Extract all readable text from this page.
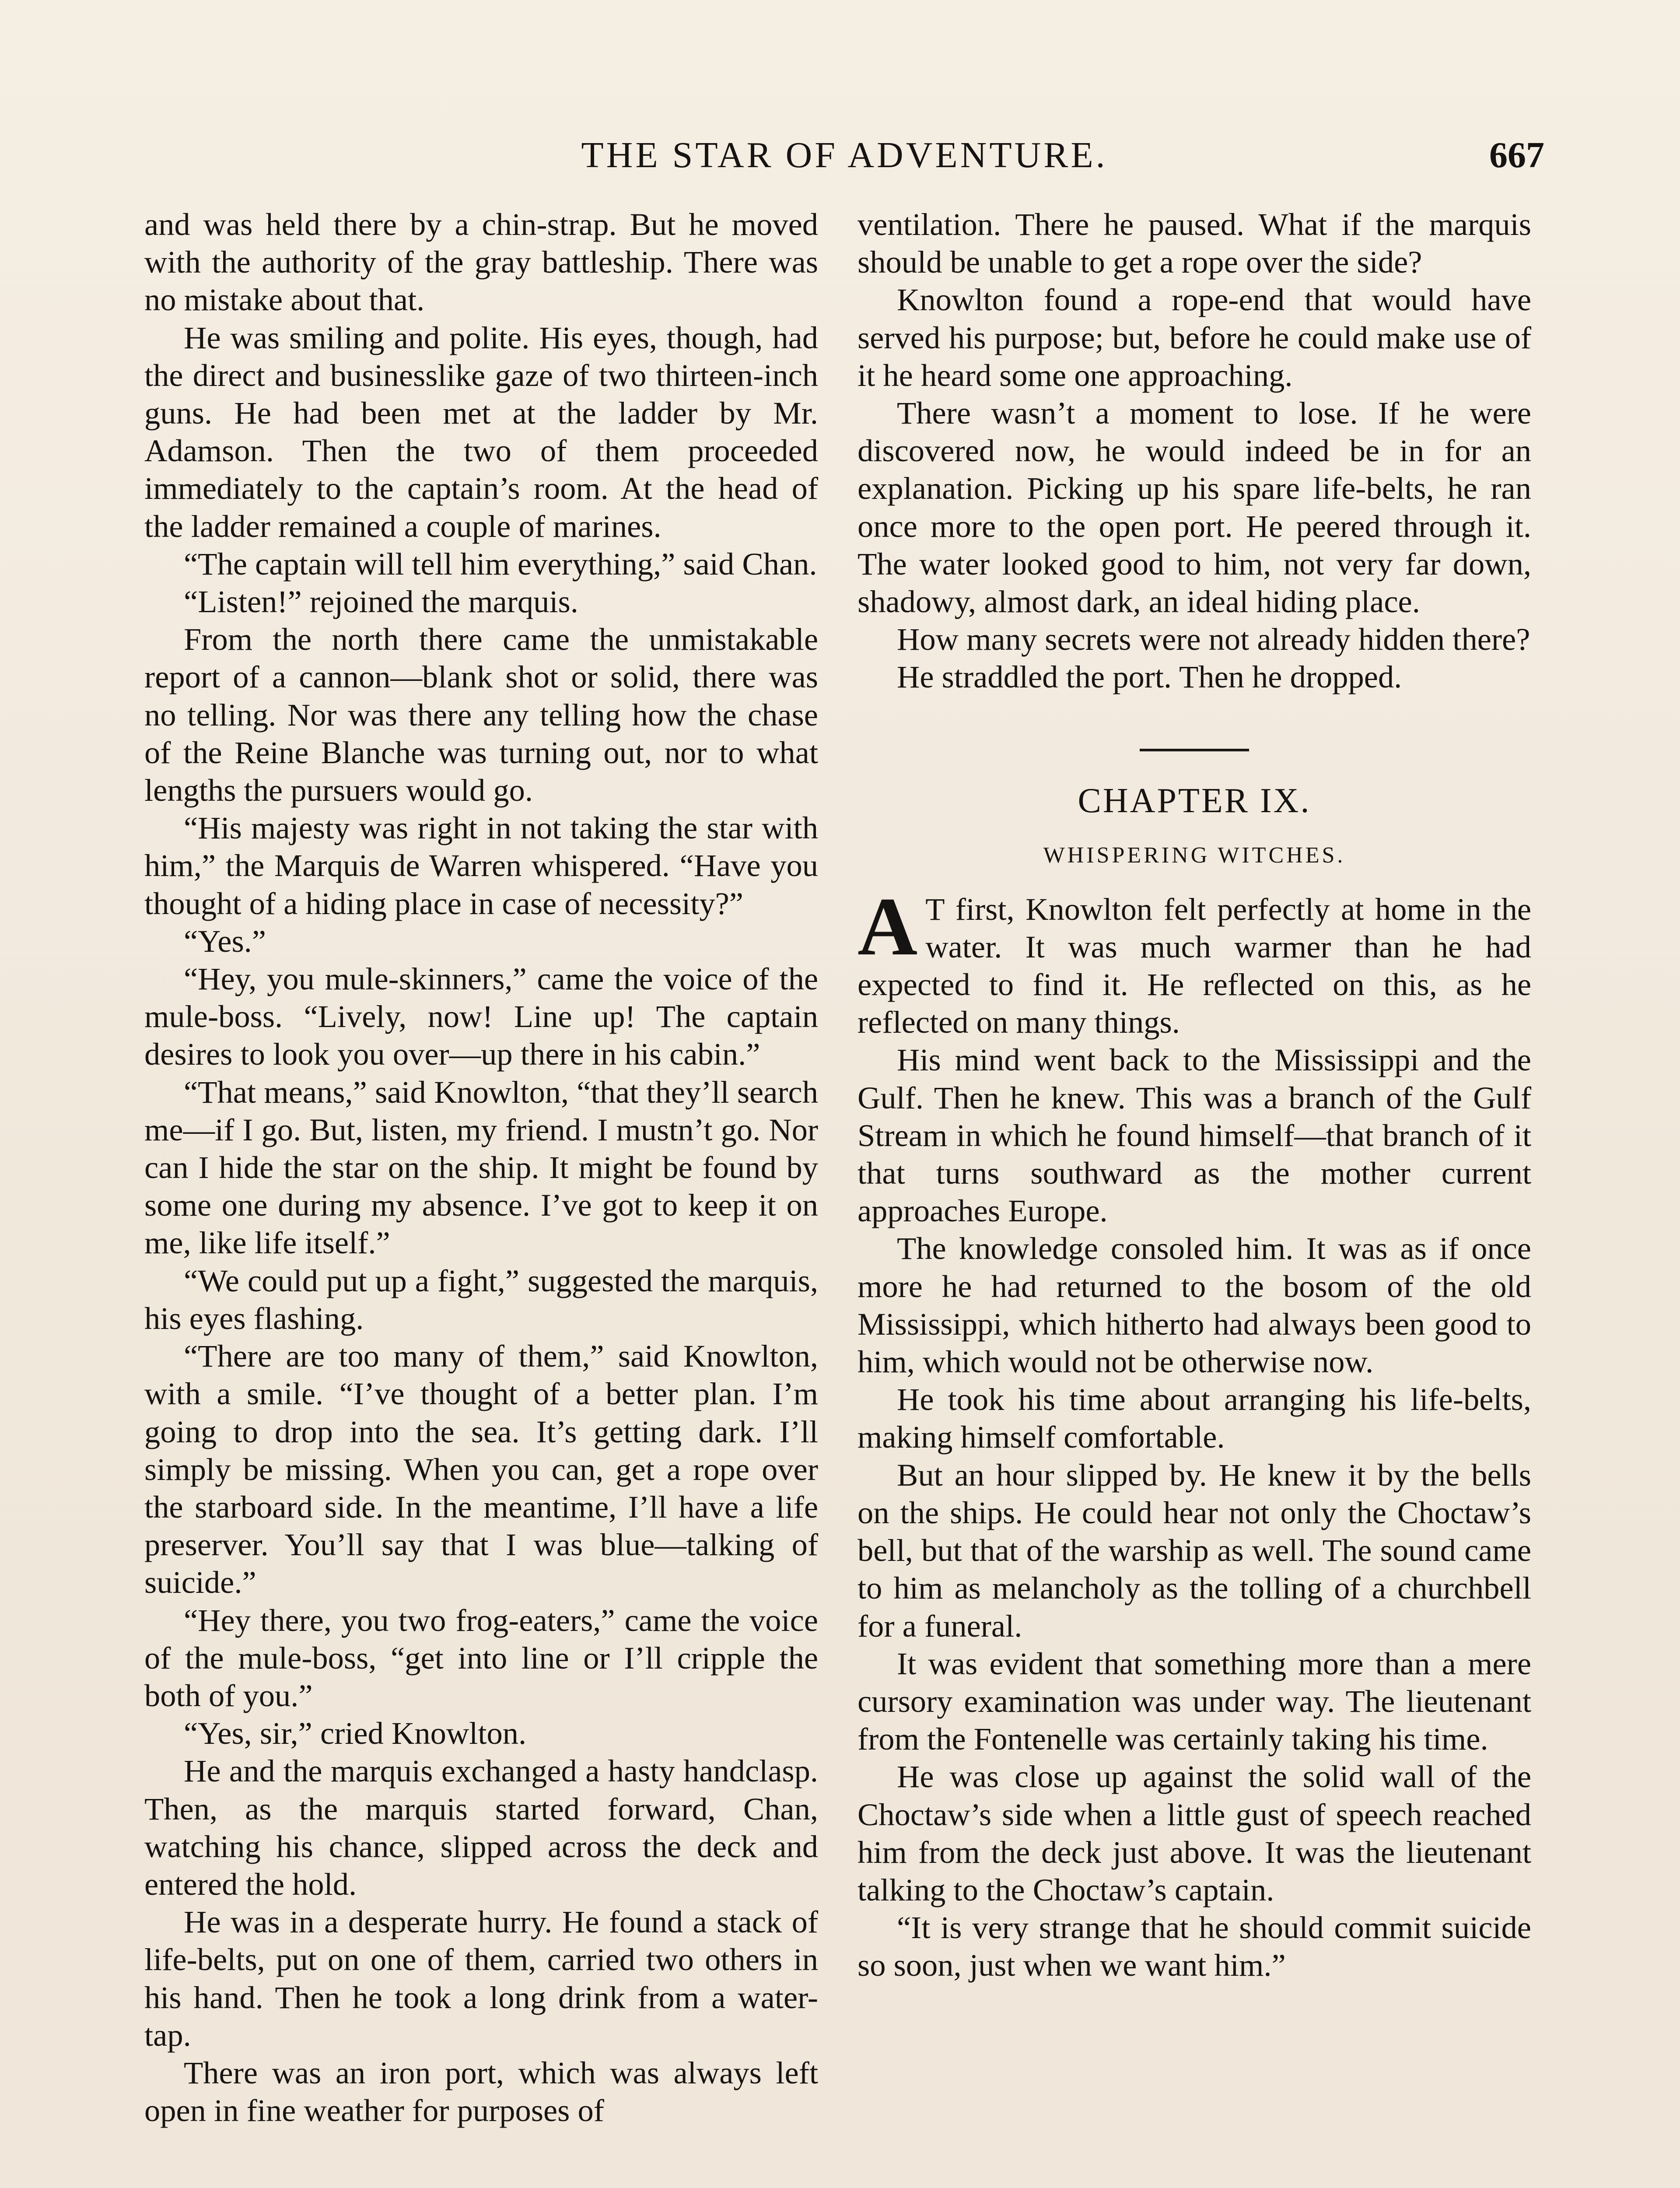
THE STAR OF ADVENTURE.	667

and was held there by a chin-strap. But he moved with the authority of the gray battleship. There was no mistake about that.

He was smiling and polite. His eyes, though, had the direct and businesslike gaze of two thirteen-inch guns. He had been met at the ladder by Mr. Adamson. Then the two of them proceeded immediately to the captain’s room. At the head of the ladder remained a couple of marines.

“The captain will tell him everything,” said Chan.

“Listen!” rejoined the marquis.

From the north there came the unmistakable report of a cannon—blank shot or solid, there was no telling. Nor was there any telling how the chase of the Reine Blanche was turning out, nor to what lengths the pursuers would go.

“His majesty was right in not taking the star with him,” the Marquis de Warren whispered. “Have you thought of a hiding place in case of necessity?”

“Yes.”

“Hey, you mule-skinners,” came the voice of the mule-boss. “Lively, now! Line up! The captain desires to look you over—up there in his cabin.”

“That means,” said Knowlton, “that they’ll search me—if I go. But, listen, my friend. I mustn’t go. Nor can I hide the star on the ship. It might be found by some one during my absence. I’ve got to keep it on me, like life itself.”

“We could put up a fight,” suggested the marquis, his eyes flashing.

“There are too many of them,” said Knowlton, with a smile. “I’ve thought of a better plan. I’m going to drop into the sea. It’s getting dark. I’ll simply be missing. When you can, get a rope over the starboard side. In the meantime, I’ll have a life preserver. You’ll say that I was blue—talking of suicide.”

“Hey there, you two frog-eaters,” came the voice of the mule-boss, “get into line or I’ll cripple the both of you.”

“Yes, sir,” cried Knowlton.

He and the marquis exchanged a hasty handclasp. Then, as the marquis started forward, Chan, watching his chance, slipped across the deck and entered the hold.

He was in a desperate hurry. He found a stack of life-belts, put on one of them, carried two others in his hand. Then he took a long drink from a water-tap.

There was an iron port, which was always left open in fine weather for purposes of

ventilation. There he paused. What if the marquis should be unable to get a rope over the side?

Knowlton found a rope-end that would have served his purpose; but, before he could make use of it he heard some one approaching.

There wasn’t a moment to lose. If he were discovered now, he would indeed be in for an explanation. Picking up his spare life-belts, he ran once more to the open port. He peered through it. The water looked good to him, not very far down, shadowy, almost dark, an ideal hiding place.

How many secrets were not already hidden there?

He straddled the port. Then he dropped.

CHAPTER IX.
WHISPERING WITCHES.

A T first, Knowlton felt perfectly at home in the water. It was much warmer than he had expected to find it. He reflected on this, as he reflected on many things.

His mind went back to the Mississippi and the Gulf. Then he knew. This was a branch of the Gulf Stream in which he found himself—that branch of it that turns southward as the mother current approaches Europe.

The knowledge consoled him. It was as if once more he had returned to the bosom of the old Mississippi, which hitherto had always been good to him, which would not be otherwise now.

He took his time about arranging his life-belts, making himself comfortable.

But an hour slipped by. He knew it by the bells on the ships. He could hear not only the Choctaw’s bell, but that of the warship as well. The sound came to him as melancholy as the tolling of a churchbell for a funeral.

It was evident that something more than a mere cursory examination was under way. The lieutenant from the Fontenelle was certainly taking his time.

He was close up against the solid wall of the Choctaw’s side when a little gust of speech reached him from the deck just above. It was the lieutenant talking to the Choctaw’s captain.

“It is very strange that he should commit suicide so soon, just when we want him.”
